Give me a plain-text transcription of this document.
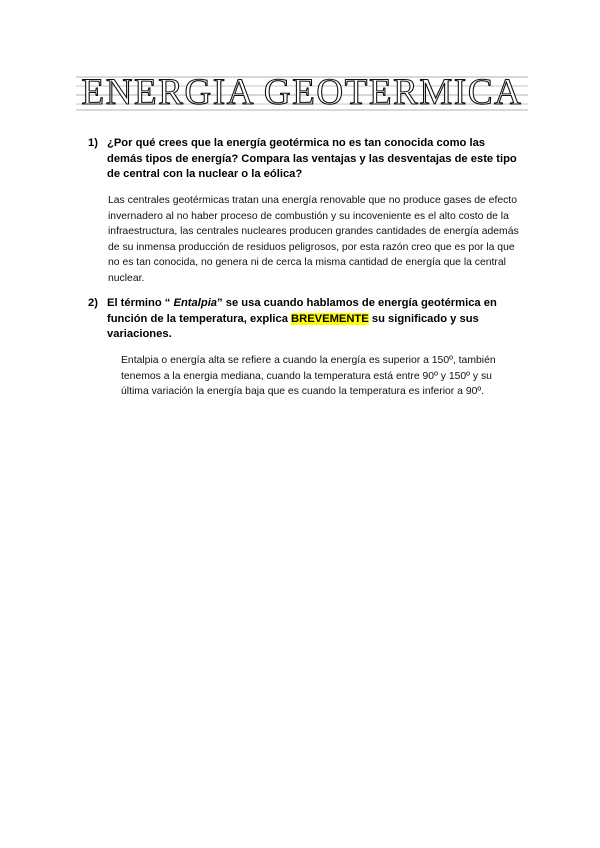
ENERGIA GEOTERMICA
1) ¿Por qué crees que la energía geotérmica no es tan conocida como las demás tipos de energía? Compara las ventajas y las desventajas de este tipo de central con la nuclear o la eólica?
Las centrales geotérmicas tratan una energía renovable que no produce gases de efecto invernadero al no haber proceso de combustión y su incoveniente es el alto costo de la infraestructura, las centrales nucleares producen grandes cantidades de energía además de su inmensa producción de residuos peligrosos, por esta razón creo que es por la que no es tan conocida, no genera ni de cerca la misma cantidad de energía que la central nuclear.
2) El término “ Entalpia” se usa cuando hablamos de energía geotérmica en función de la temperatura, explica BREVEMENTE su significado y sus variaciones.
Entalpia o energía alta se refiere a cuando la energía es superior a 150º, también tenemos a la energia mediana, cuando la temperatura está entre 90º y 150º y su última variación la energía baja que es cuando la temperatura es inferior a 90º.
